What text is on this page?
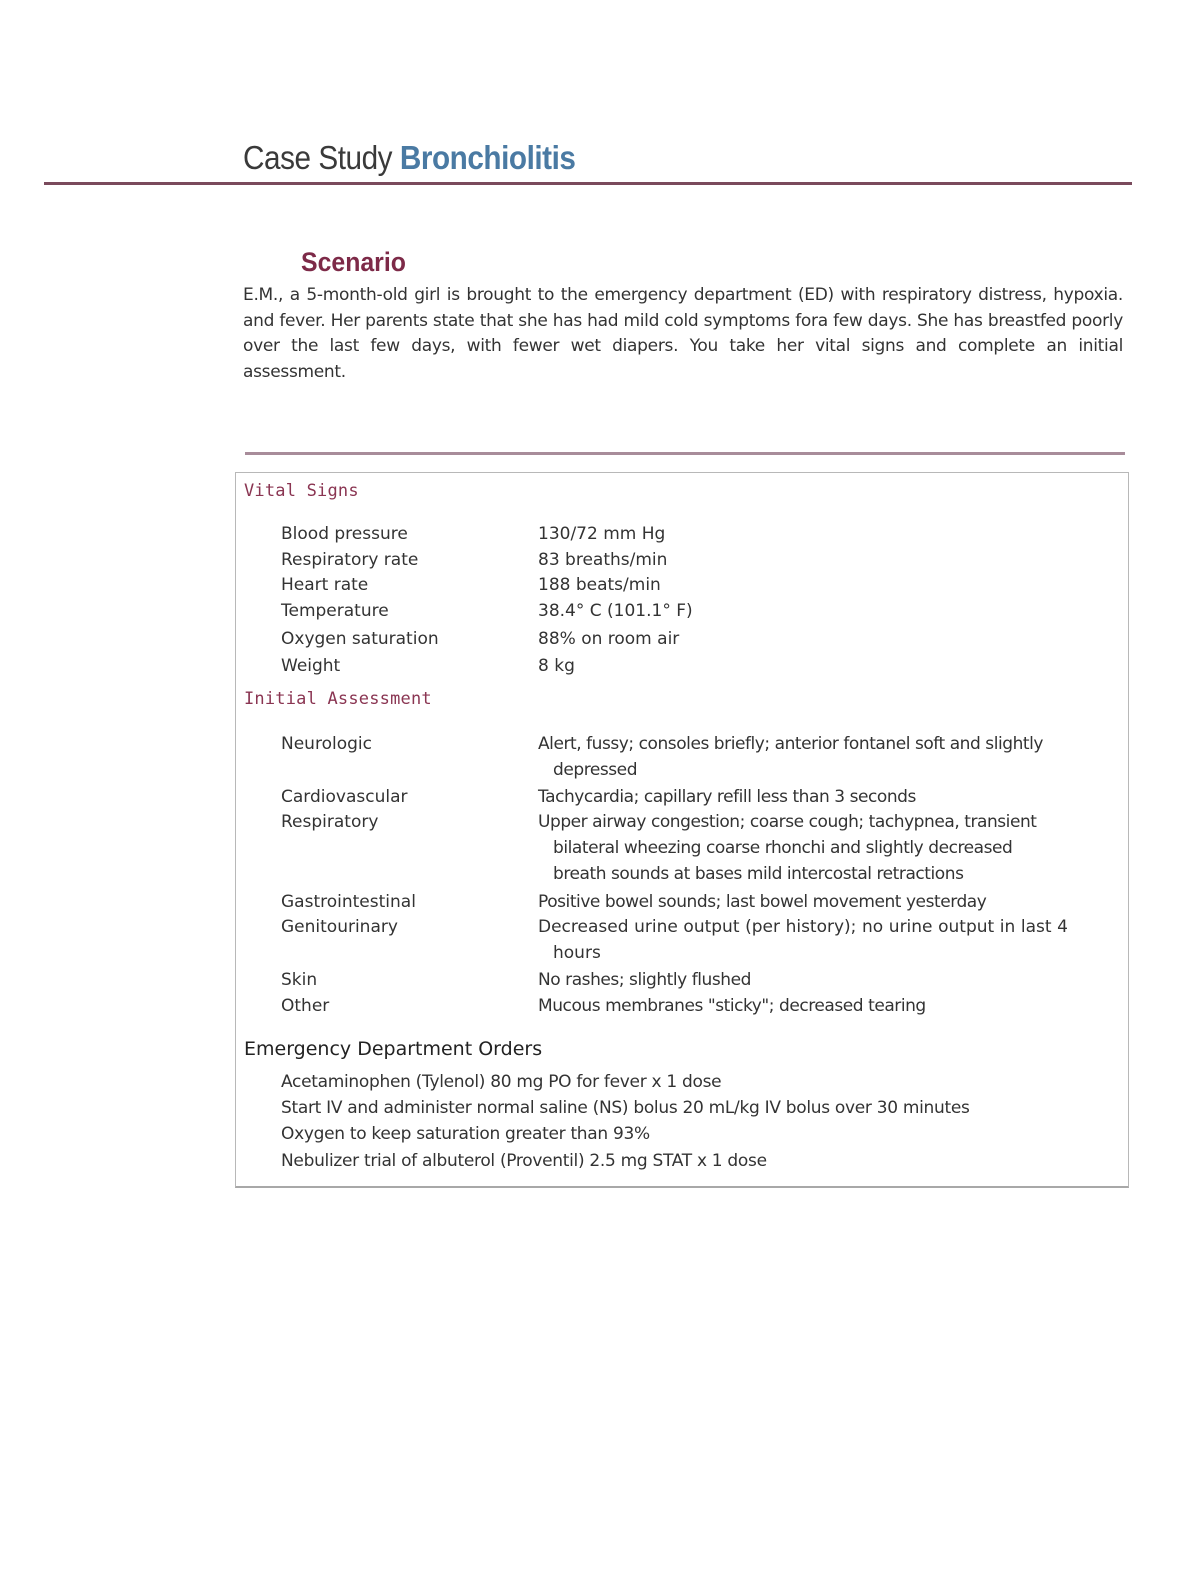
Case Study Bronchiolitis
Scenario

E.M., a 5-month-old girl is brought to the emergency department (ED) with respiratory distress, hypoxia. and fever. Her parents state that she has had mild cold symptoms fora few days. She has breastfed poorly over the last few days, with fewer wet diapers. You take her vital signs and complete an initial assessment.

Vital Signs
Blood pressure	130/72 mm Hg
Respiratory rate	83 breaths/min
Heart rate	188 beats/min
Temperature	38.4° C (101.1° F)
Oxygen saturation	88% on room air
Weight	8 kg
Initial Assessment
Neurologic	Alert, fussy; consoles briefly; anterior fontanel soft and slightly depressed
Cardiovascular	Tachycardia; capillary refill less than 3 seconds
Respiratory	Upper airway congestion; coarse cough; tachypnea, transient bilateral wheezing coarse rhonchi and slightly decreased breath sounds at bases mild intercostal retractions
Gastrointestinal	Positive bowel sounds; last bowel movement yesterday
Genitourinary	Decreased urine output (per history); no urine output in last 4 hours
Skin	No rashes; slightly flushed
Other	Mucous membranes "sticky"; decreased tearing
Emergency Department Orders
Acetaminophen (Tylenol) 80 mg PO for fever x 1 dose
Start IV and administer normal saline (NS) bolus 20 mL/kg IV bolus over 30 minutes
Oxygen to keep saturation greater than 93%
Nebulizer trial of albuterol (Proventil) 2.5 mg STAT x 1 dose
